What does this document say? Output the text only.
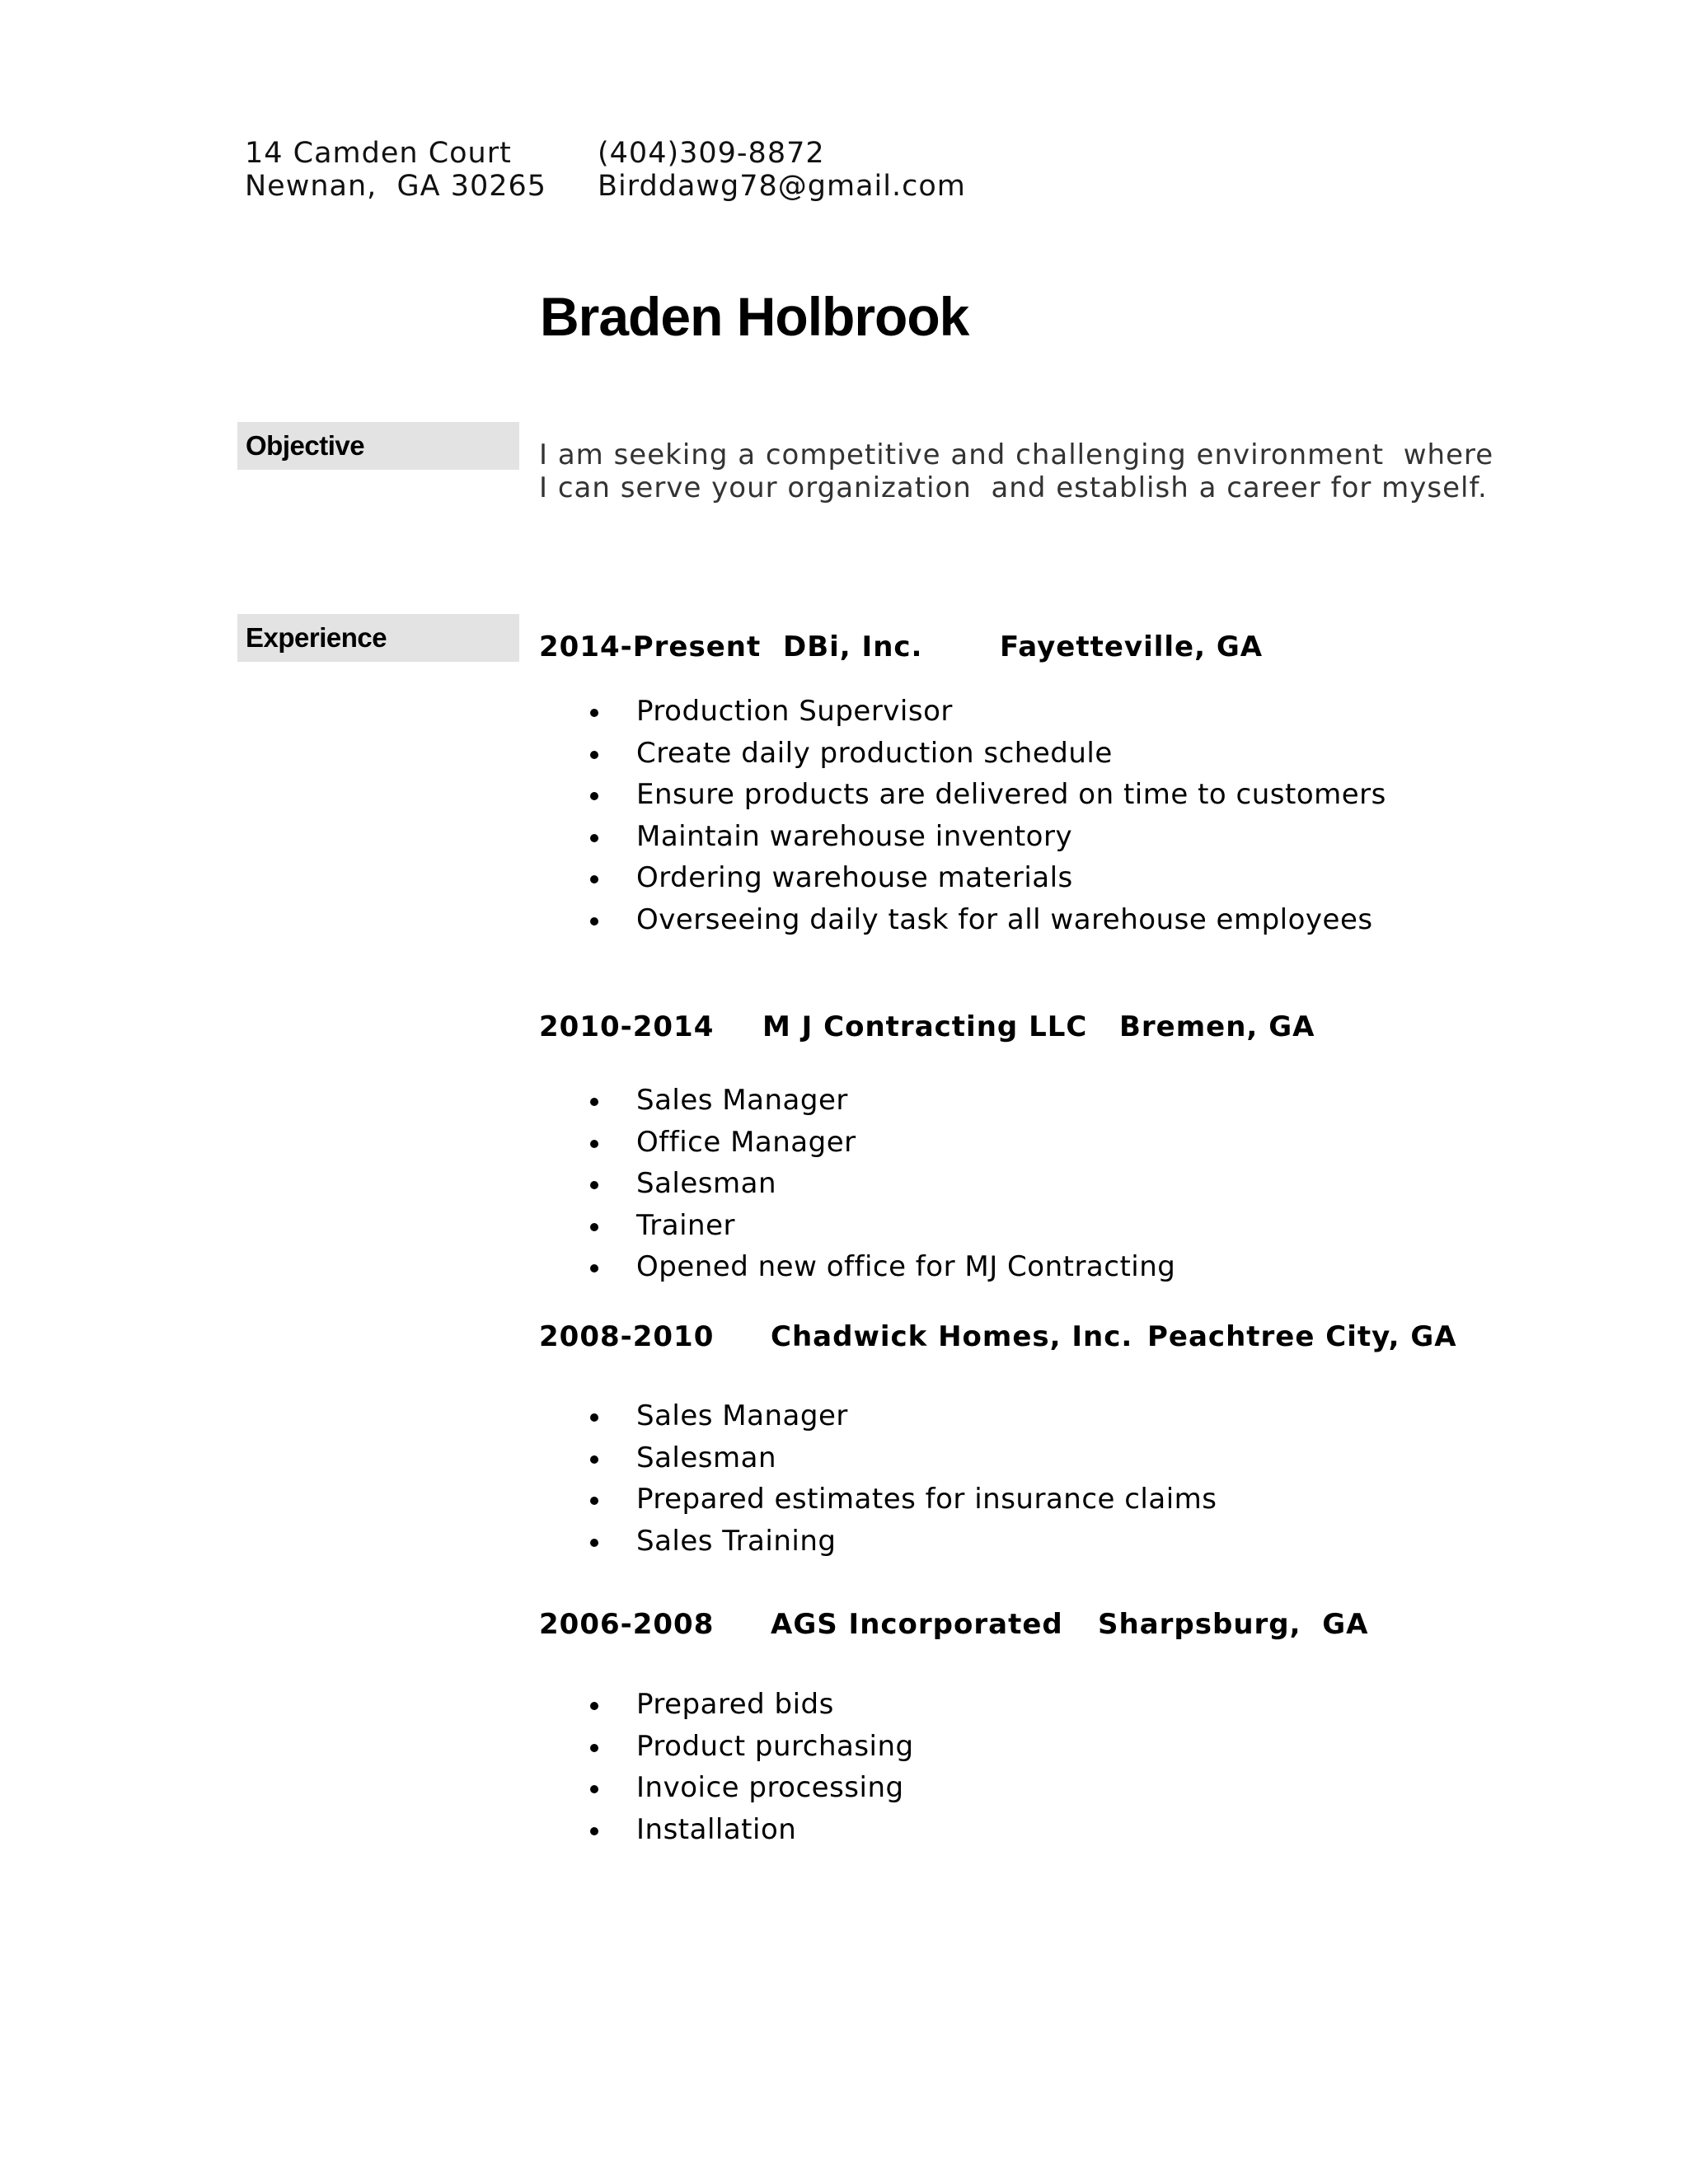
14 Camden Court
Newnan,  GA 30265
(404)309-8872
Birddawg78@gmail.com
Braden Holbrook
Objective	I am seeking a competitive and challenging environment  where
I can serve your organization  and establish a career for myself.
Experience	2014-Present DBi, Inc.	Fayetteville, GA
Production Supervisor
Create daily production schedule
Ensure products are delivered on time to customers
Maintain warehouse inventory
Ordering warehouse materials
Overseeing daily task for all warehouse employees
2010-2014 M J Contracting LLC Bremen, GA
Sales Manager
Office Manager
Salesman
Trainer
Opened new office for MJ Contracting
2008-2010 Chadwick Homes, Inc. Peachtree City, GA
Sales Manager
Salesman
Prepared estimates for insurance claims
Sales Training
2006-2008 AGS Incorporated Sharpsburg,  GA
Prepared bids
Product purchasing
Invoice processing
Installation
